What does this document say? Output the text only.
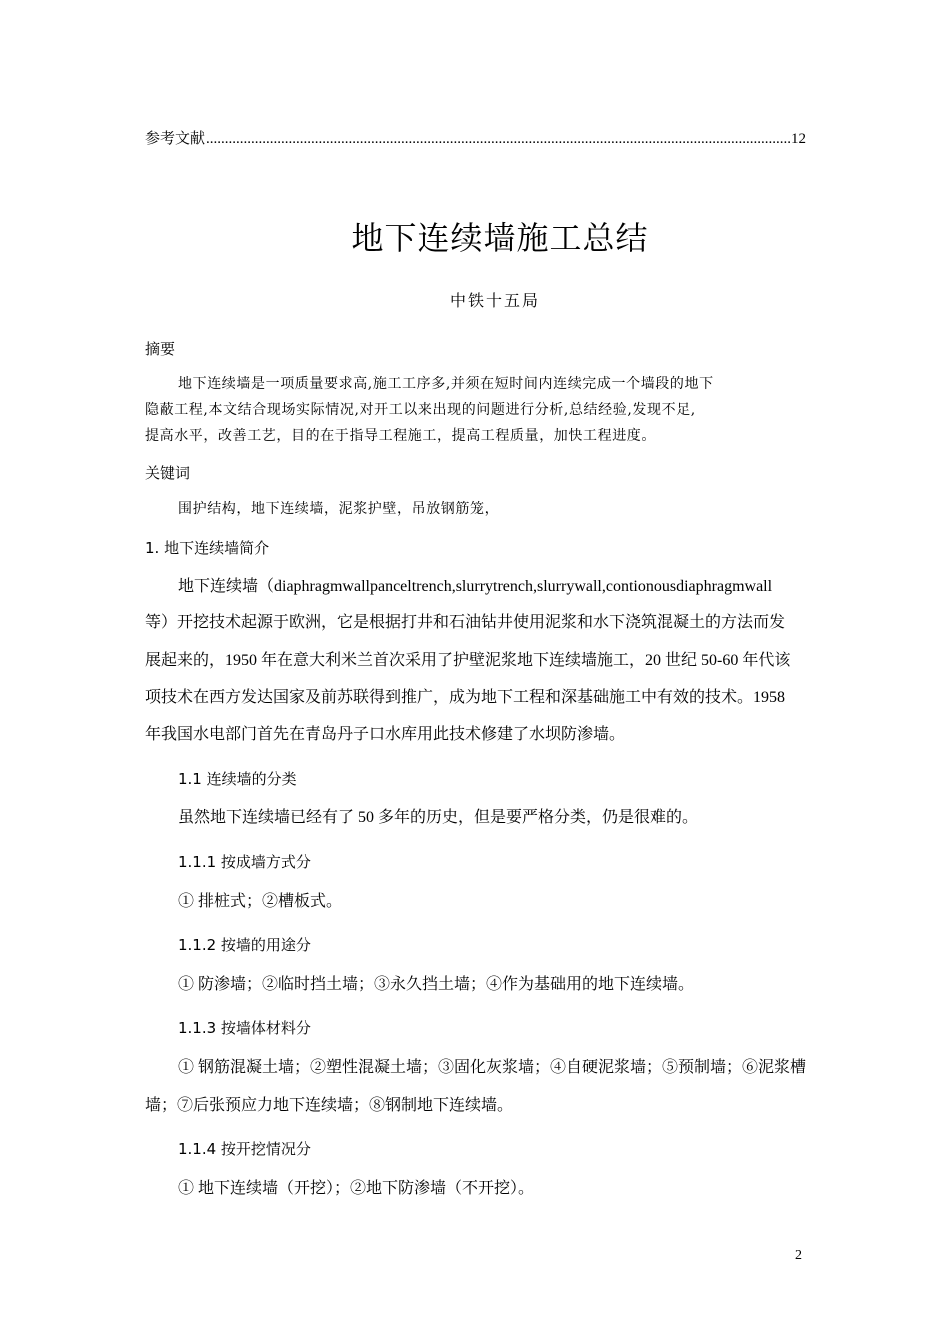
参考文献
.....	12
地下连续墙施工总结
中铁十五局
摘要
地下连续墙是一项质量要求高,施工工序多,并须在短时间内连续完成一个墙段的地下
隐蔽工程,本文结合现场实际情况,对开工以来出现的问题进行分析,总结经验,发现不足,
提高水平，改善工艺，目的在于指导工程施工，提高工程质量，加快工程进度。
关键词
围护结构，地下连续墙，泥浆护壁，吊放钢筋笼，
1. 地下连续墙简介
地下连续墙（diaphragmwallpanceltrench,slurrytrench,slurrywall,contionousdiaphragmwall
等）开挖技术起源于欧洲，它是根据打井和石油钻井使用泥浆和水下浇筑混凝土的方法而发
展起来的，1950 年在意大利米兰首次采用了护壁泥浆地下连续墙施工，20 世纪 50-60 年代该
项技术在西方发达国家及前苏联得到推广，成为地下工程和深基础施工中有效的技术。1958
年我国水电部门首先在青岛丹子口水库用此技术修建了水坝防渗墙。
1.1 连续墙的分类
虽然地下连续墙已经有了 50 多年的历史，但是要严格分类，仍是很难的。
1.1.1 按成墙方式分
① 排桩式；②槽板式。
1.1.2 按墙的用途分
① 防渗墙；②临时挡土墙；③永久挡土墙；④作为基础用的地下连续墙。
1.1.3 按墙体材料分
① 钢筋混凝土墙；②塑性混凝土墙；③固化灰浆墙；④自硬泥浆墙；⑤预制墙；⑥泥浆槽
墙；⑦后张预应力地下连续墙；⑧钢制地下连续墙。
1.1.4 按开挖情况分
① 地下连续墙（开挖）；②地下防渗墙（不开挖）。
2
